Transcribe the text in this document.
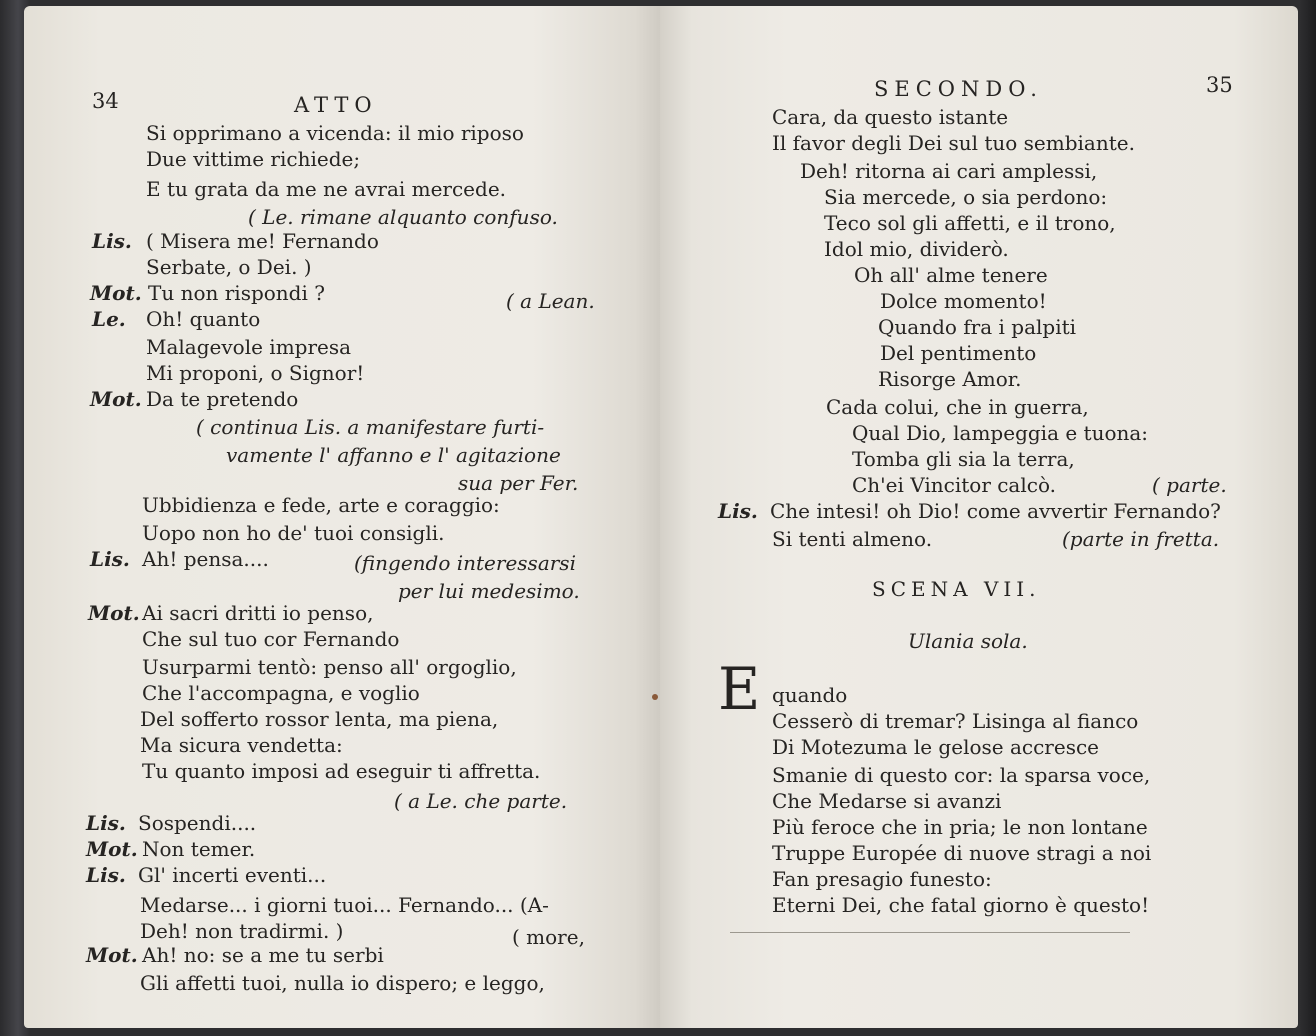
34	ATTO
Si opprimano a vicenda: il mio riposo
Due vittime richiede;
E tu grata da me ne avrai mercede.
( Le. rimane alquanto confuso.
Lis. ( Misera me! Fernando
Serbate, o Dei. )
Mot. Tu non rispondi ?	( a Lean.
Le. Oh! quanto
Malagevole impresa
Mi proponi, o Signor!
Mot. Da te pretendo
( continua Lis. a manifestare furti-
vamente l' affanno e l' agitazione
sua per Fer.
Ubbidienza e fede, arte e coraggio:
Uopo non ho de' tuoi consigli.
Lis. Ah! pensa....	(fingendo interessarsi
per lui medesimo.
Mot. Ai sacri dritti io penso,
Che sul tuo cor Fernando
Usurparmi tentò: penso all' orgoglio,
Che l'accompagna, e voglio
Del sofferto rossor lenta, ma piena,
Ma sicura vendetta:
Tu quanto imposi ad eseguir ti affretta.
( a Le. che parte.
Lis. Sospendi....
Mot. Non temer.
Lis. Gl' incerti eventi...
Medarse... i giorni tuoi... Fernando... (A-
Deh! non tradirmi. )	( more,
Mot. Ah! no: se a me tu serbi
Gli affetti tuoi, nulla io dispero; e leggo,
SECONDO.	35
Cara, da questo istante
Il favor degli Dei sul tuo sembiante.
Deh! ritorna ai cari amplessi,
Sia mercede, o sia perdono:
Teco sol gli affetti, e il trono,
Idol mio, dividerò.
Oh all' alme tenere
Dolce momento!
Quando fra i palpiti
Del pentimento
Risorge Amor.
Cada colui, che in guerra,
Qual Dio, lampeggia e tuona:
Tomba gli sia la terra,
Ch'ei Vincitor calcò.	( parte.
Lis. Che intesi! oh Dio! come avvertir Fernando?
Si tenti almeno.	(parte in fretta.
SCENA VII.
Ulania sola.
E quando
Cesserò di tremar? Lisinga al fianco
Di Motezuma le gelose accresce
Smanie di questo cor: la sparsa voce,
Che Medarse si avanzi
Più feroce che in pria; le non lontane
Truppe Europée di nuove stragi a noi
Fan presagio funesto:
Eterni Dei, che fatal giorno è questo!
